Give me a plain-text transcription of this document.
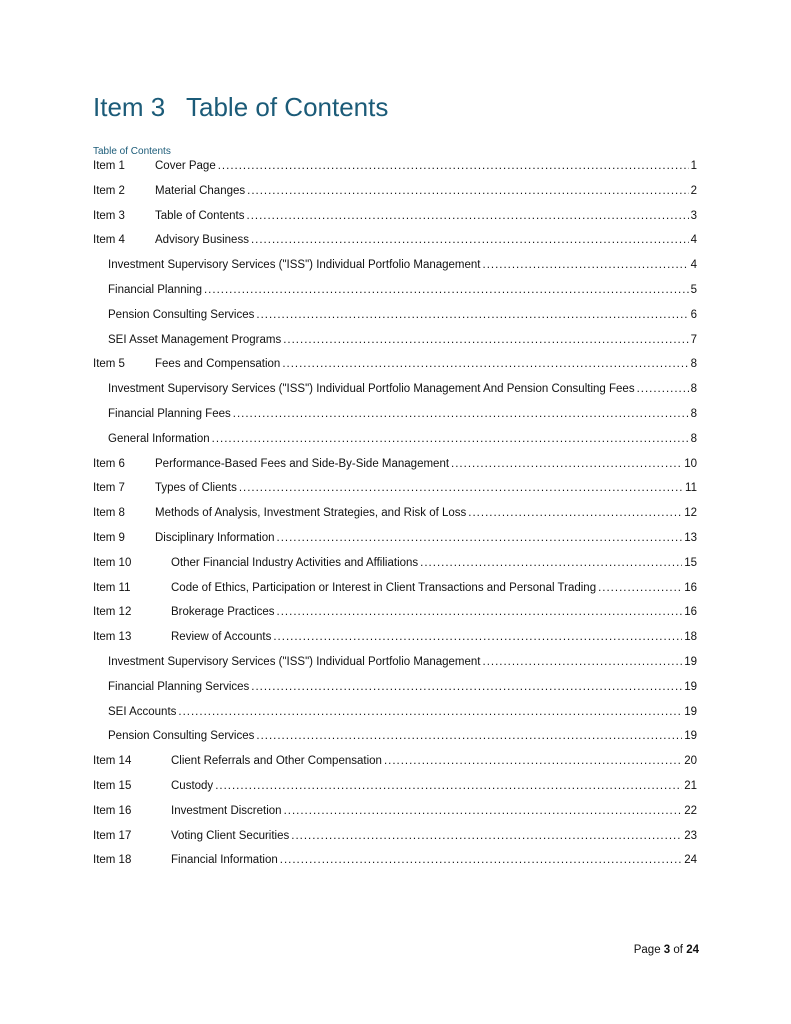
Item 3 Table of Contents
Table of Contents
Item 1	Cover Page .....	1
Item 2	Material Changes .....	2
Item 3	Table of Contents .....	3
Item 4	Advisory Business .....	4
Investment Supervisory Services ("ISS") Individual Portfolio Management .....	4
Financial Planning .....	5
Pension Consulting Services .....	6
SEI Asset Management Programs .....	7
Item 5	Fees and Compensation .....	8
Investment Supervisory Services ("ISS") Individual Portfolio Management And Pension Consulting Fees .....	8
Financial Planning Fees .....	8
General Information .....	8
Item 6	Performance-Based Fees and Side-By-Side Management .....	10
Item 7	Types of Clients .....	11
Item 8	Methods of Analysis, Investment Strategies, and Risk of Loss .....	12
Item 9	Disciplinary Information .....	13
Item 10	Other Financial Industry Activities and Affiliations .....	15
Item 11	Code of Ethics, Participation or Interest in Client Transactions and Personal Trading .....	16
Item 12	Brokerage Practices .....	16
Item 13	Review of Accounts .....	18
Investment Supervisory Services ("ISS") Individual Portfolio Management .....	19
Financial Planning Services .....	19
SEI Accounts .....	19
Pension Consulting Services .....	19
Item 14	Client Referrals and Other Compensation .....	20
Item 15	Custody .....	21
Item 16	Investment Discretion .....	22
Item 17	Voting Client Securities .....	23
Item 18	Financial Information .....	24
Page 3 of 24
